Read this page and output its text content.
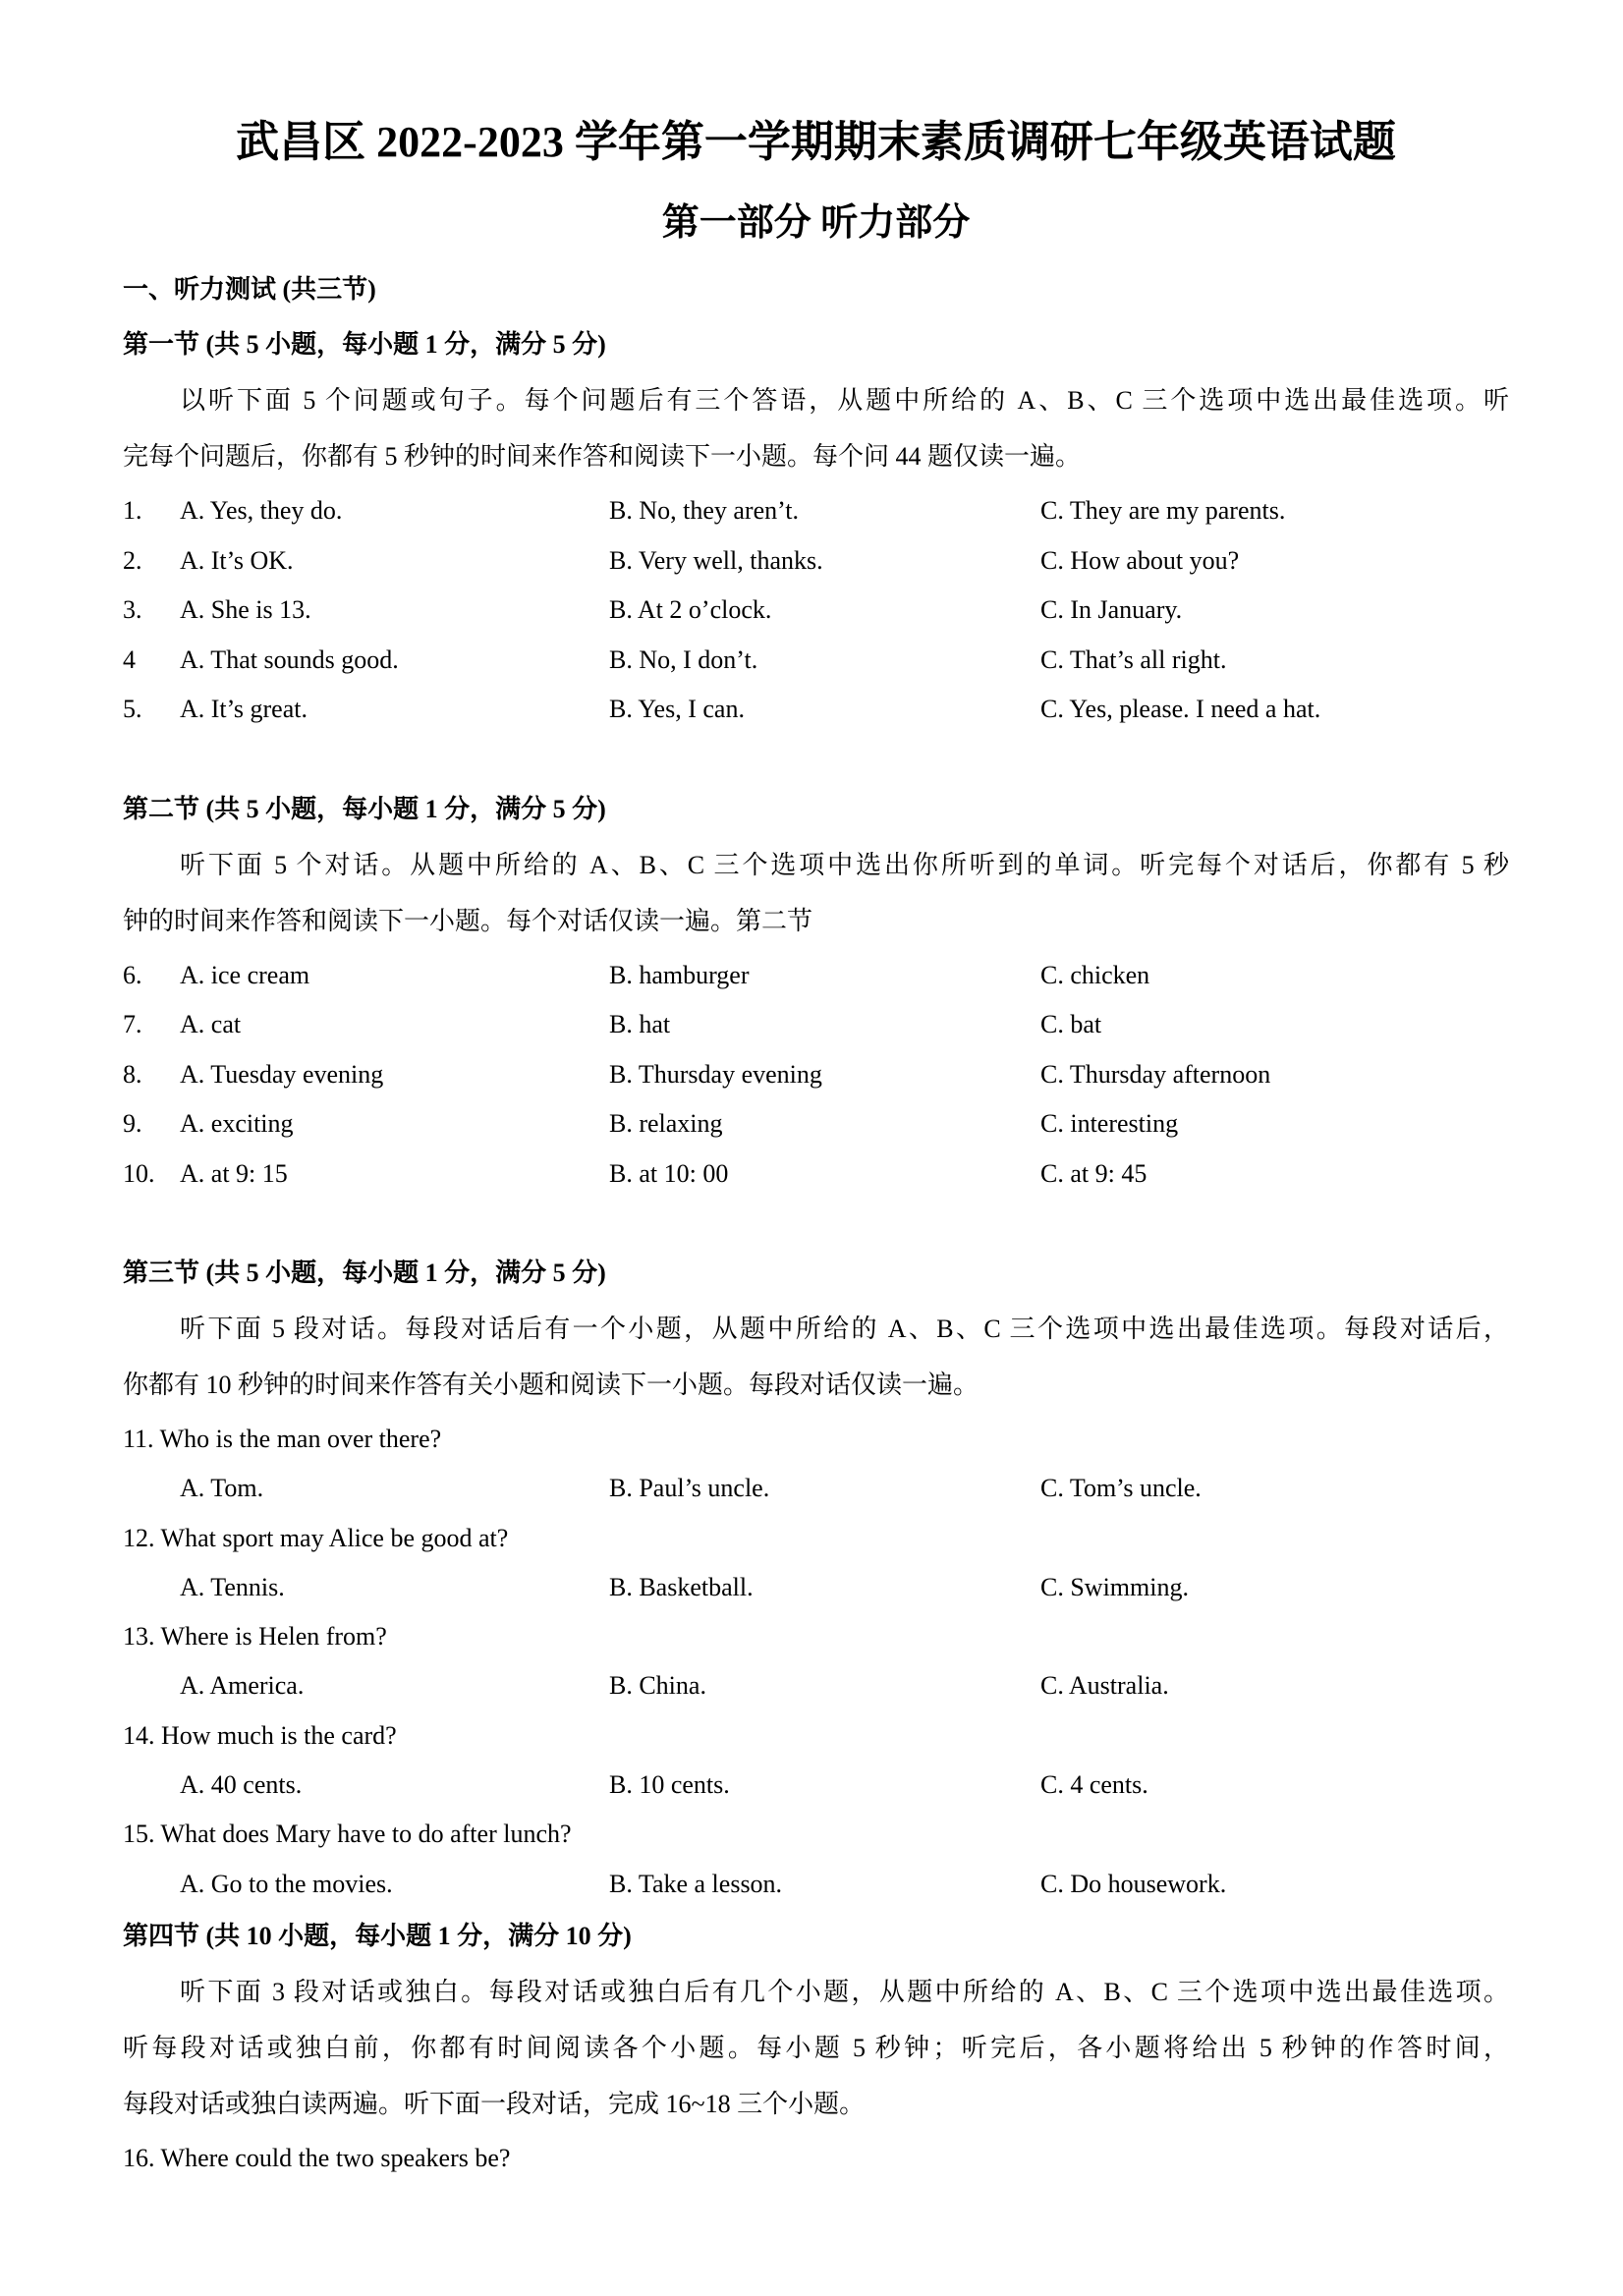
武昌区 2022-2023 学年第一学期期末素质调研七年级英语试题
第一部分 听力部分
一、听力测试 (共三节)
第一节 (共 5 小题，每小题 1 分，满分 5 分)
以听下面 5 个问题或句子。每个问题后有三个答语，从题中所给的 A、B、C 三个选项中选出最佳选项。听
完每个问题后，你都有 5 秒钟的时间来作答和阅读下一小题。每个问 44 题仅读一遍。
1.	A. Yes, they do.	B. No, they aren’t.	C. They are my parents.
2.	A. It’s OK.	B. Very well, thanks.	C. How about you?
3.	A. She is 13.	B. At 2 o’clock.	C. In January.
4	A. That sounds good.	B. No, I don’t.	C. That’s all right.
5.	A. It’s great.	B. Yes, I can.	C. Yes, please. I need a hat.
第二节 (共 5 小题，每小题 1 分，满分 5 分)
听下面 5 个对话。从题中所给的 A、B、C 三个选项中选出你所听到的单词。听完每个对话后，你都有 5 秒
钟的时间来作答和阅读下一小题。每个对话仅读一遍。第二节
6.	A. ice cream	B. hamburger	C. chicken
7.	A. cat	B. hat	C. bat
8.	A. Tuesday evening	B. Thursday evening	C. Thursday afternoon
9.	A. exciting	B. relaxing	C. interesting
10. A. at 9: 15	B. at 10: 00	C. at 9: 45
第三节 (共 5 小题，每小题 1 分，满分 5 分)
听下面 5 段对话。每段对话后有一个小题，从题中所给的 A、B、C 三个选项中选出最佳选项。每段对话后，
你都有 10 秒钟的时间来作答有关小题和阅读下一小题。每段对话仅读一遍。
11. Who is the man over there?
A. Tom.	B. Paul’s uncle.	C. Tom’s uncle.
12. What sport may Alice be good at?
A. Tennis.	B. Basketball.	C. Swimming.
13. Where is Helen from?
A. America.	B. China.	C. Australia.
14. How much is the card?
A. 40 cents.	B. 10 cents.	C. 4 cents.
15. What does Mary have to do after lunch?
A. Go to the movies.	B. Take a lesson.	C. Do housework.
第四节 (共 10 小题，每小题 1 分，满分 10 分)
听下面 3 段对话或独白。每段对话或独白后有几个小题，从题中所给的 A、B、C 三个选项中选出最佳选项。
听每段对话或独白前，你都有时间阅读各个小题。每小题 5 秒钟；听完后，各小题将给出 5 秒钟的作答时间，
每段对话或独白读两遍。听下面一段对话，完成 16~18 三个小题。
16. Where could the two speakers be?
